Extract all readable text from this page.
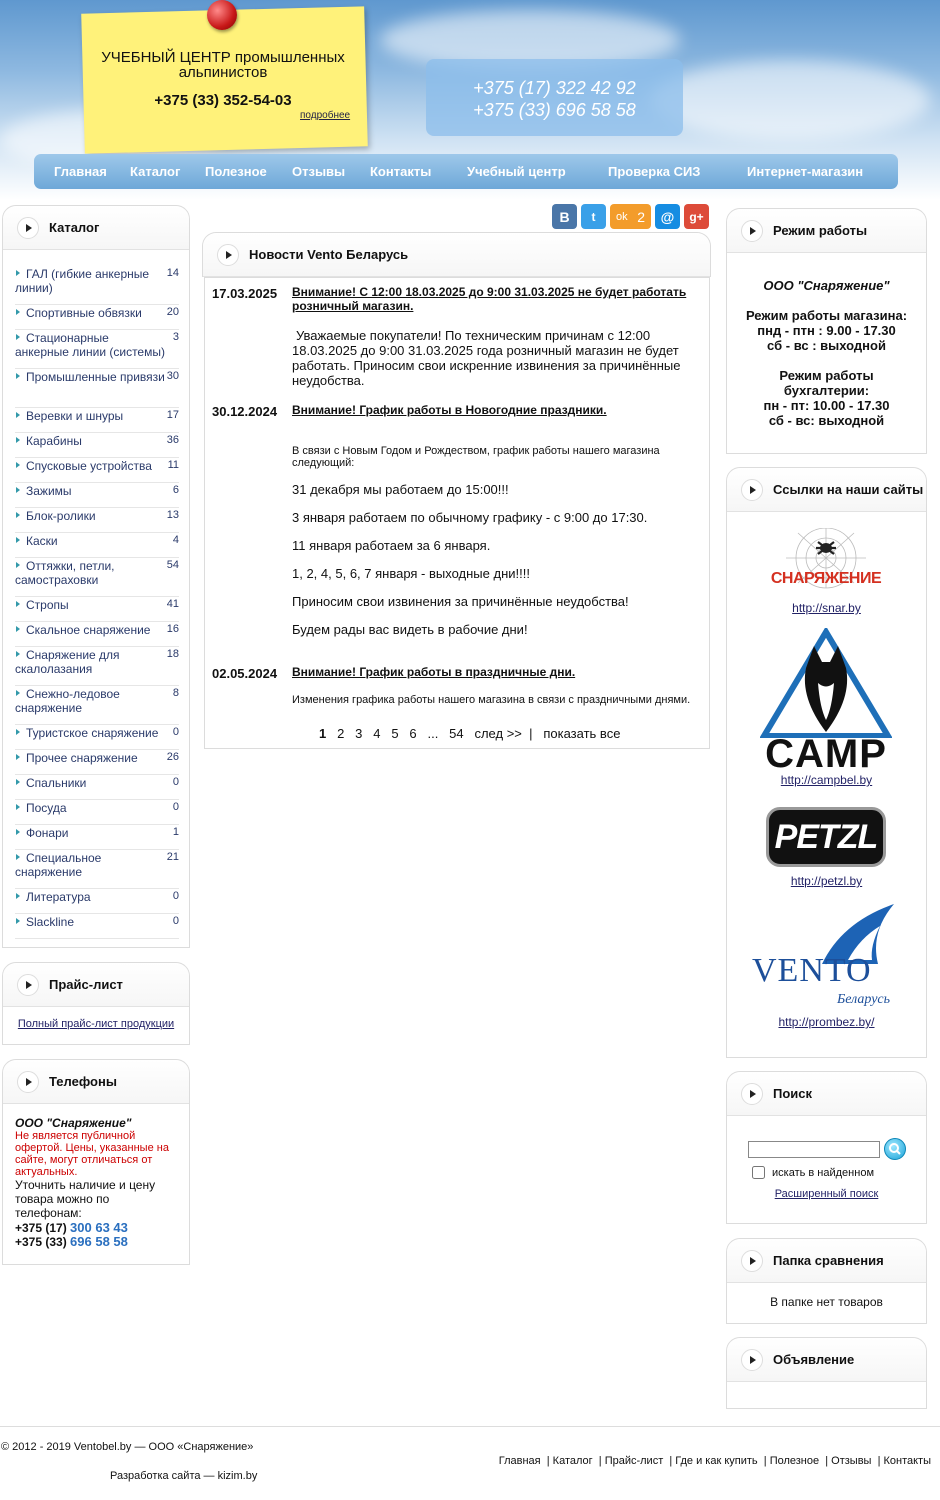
УЧЕБНЫЙ ЦЕНТР промышленных альпинистов
+375 (33) 352-54-03
подробнее
+375 (17) 322 42 92
+375 (33) 696 58 58
Главная Каталог Полезное Отзывы Контакты	Учебный центр	Проверка СИЗ	Интернет-магазин
Каталог
ГАЛ (гибкие анкерные линии)
14
Спортивные обвязки	20
Стационарные анкерные линии (системы)
3
Промышленные привязи 30
Веревки и шнуры	17
Карабины	36
Спусковые устройства	11
Зажимы	6
Блок-ролики	13
Каски	4
Оттяжки, петли, самостраховки
54
Стропы	41
Скальное снаряжение	16
Снаряжение для скалолазания
18
Снежно-ледовое снаряжение
8
Туристское снаряжение	0
Прочее снаряжение	26
Спальники	0
Посуда	0
Фонари	1
Специальное снаряжение
21
Литература	0
Slackline	0
Прайс-лист
Полный прайс-лист продукции
Телефоны
ООО "Снаряжение"
Не является публичной офертой. Цены, указанные на сайте, могут отличаться от актуальных.
Уточнить наличие и цену товара можно по телефонам:
+375 (17) 300 63 43
+375 (33) 696 58 58
В	t	ok 2	@	g+
Новости Vento Беларусь
17.03.2025 Внимание! С 12:00 18.03.2025 до 9:00 31.03.2025 не будет работать розничный магазин.
Уважаемые покупатели! По техническим причинам с 12:00 18.03.2025 до 9:00 31.03.2025 года розничный магазин не будет работать. Приносим свои искренние извинения за причинённые неудобства.
30.12.2024 Внимание! График работы в Новогодние праздники.
В связи с Новым Годом и Рождеством, график работы нашего магазина следующий:
31 декабря мы работаем до 15:00!!!
3 января работаем по обычному графику - с 9:00 до 17:30.
11 января работаем за 6 января.
1, 2, 4, 5, 6, 7 января - выходные дни!!!!
Приносим свои извинения за причинённые неудобства!
Будем рады вас видеть в рабочие дни!
02.05.2024 Внимание! График работы в праздничные дни.
Изменения графика работы нашего магазина в связи с праздничными днями.
1 2 3 4 5 6 ... 54 след >> | показать все
Режим работы
ООО "Снаряжение"
Режим работы магазина:
пнд - птн : 9.00 - 17.30
сб - вс : выходной
Режим работы бухгалтерии:
пн - пт: 10.00 - 17.30
сб - вс: выходной
Ссылки на наши сайты
СНАРЯЖЕНИЕ
http://snar.by
CAMP
http://campbel.by
PETZL
http://petzl.by
VENTO
Беларусь
http://prombez.by/
Поиск
искать в найденном
Расширенный поиск
Папка сравнения
В папке нет товаров
Объявление
© 2012 - 2019 Ventobel.by — ООО «Снаряжение»
Разработка сайта — kizim.by
Главная  | Каталог  | Прайс-лист  | Где и как купить  | Полезное  | Отзывы  | Контакты
